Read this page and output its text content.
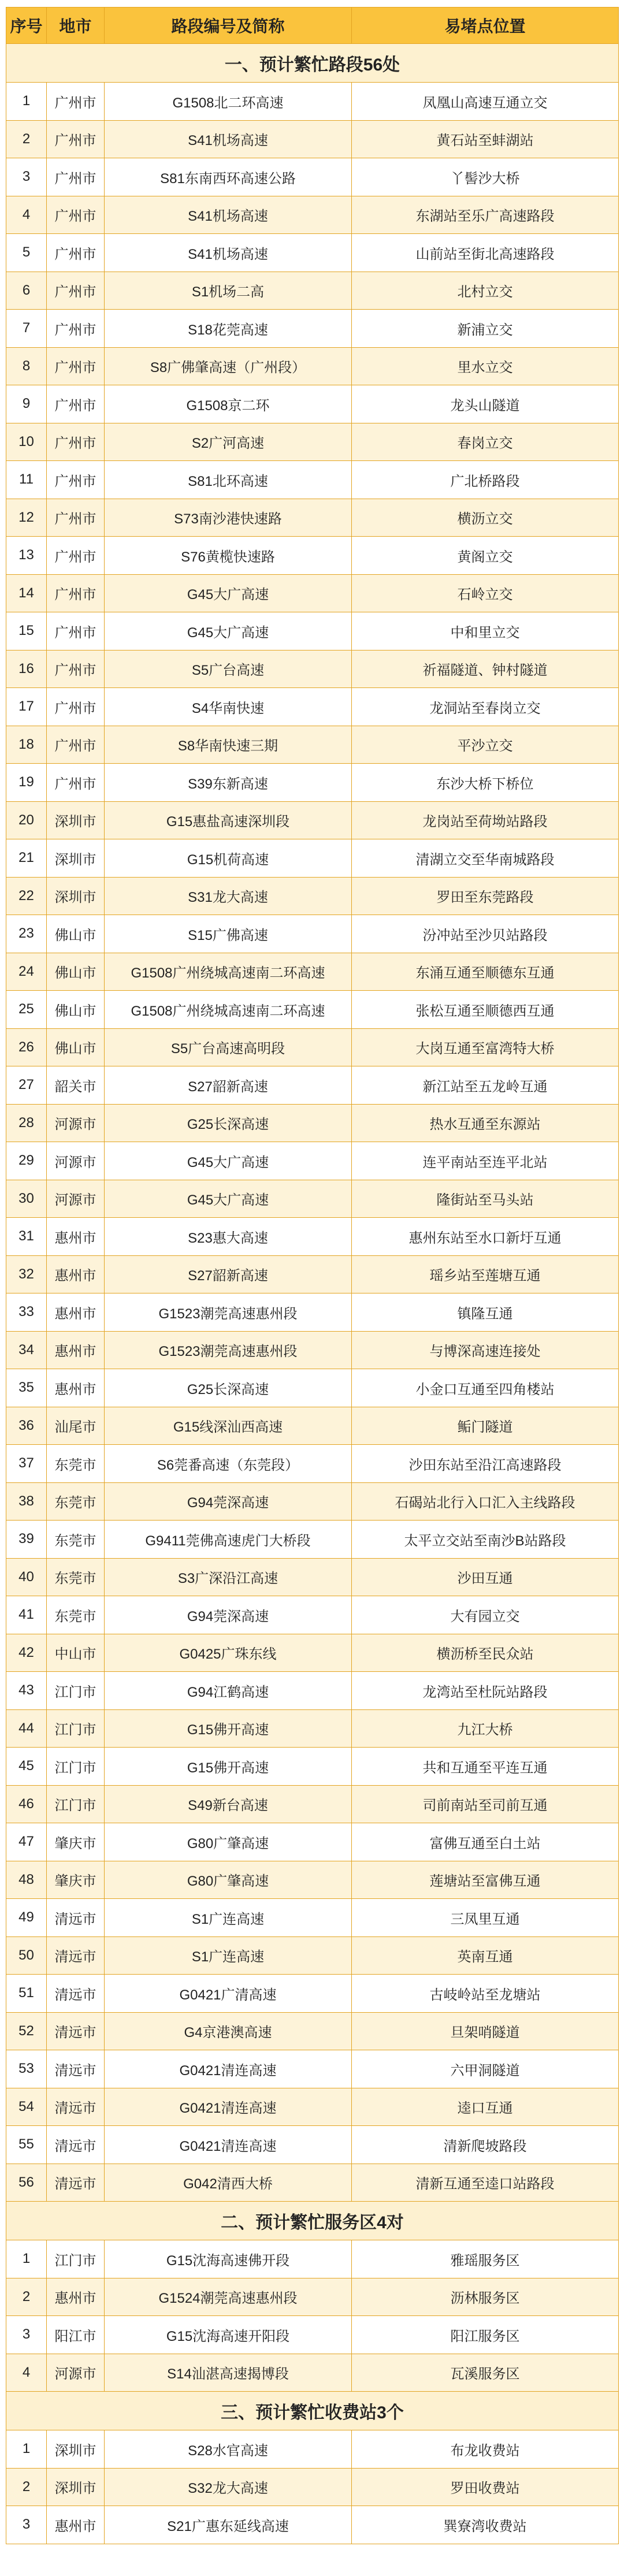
序号	地市	路段编号及简称	易堵点位置
一、预计繁忙路段56处			
1	广州市	G1508北二环高速	凤凰山高速互通立交
2	广州市	S41机场高速	黄石站至蚌湖站
3	广州市	S81东南西环高速公路	丫髻沙大桥
4	广州市	S41机场高速	东湖站至乐广高速路段
5	广州市	S41机场高速	山前站至街北高速路段
6	广州市	S1机场二高	北村立交
7	广州市	S18花莞高速	新浦立交
8	广州市	S8广佛肇高速（广州段）	里水立交
9	广州市	G1508京二环	龙头山隧道
10	广州市	S2广河高速	春岗立交
11	广州市	S81北环高速	广北桥路段
12	广州市	S73南沙港快速路	横沥立交
13	广州市	S76黄榄快速路	黄阁立交
14	广州市	G45大广高速	石岭立交
15	广州市	G45大广高速	中和里立交
16	广州市	S5广台高速	祈福隧道、钟村隧道
17	广州市	S4华南快速	龙洞站至春岗立交
18	广州市	S8华南快速三期	平沙立交
19	广州市	S39东新高速	东沙大桥下桥位
20	深圳市	G15惠盐高速深圳段	龙岗站至荷坳站路段
21	深圳市	G15机荷高速	清湖立交至华南城路段
22	深圳市	S31龙大高速	罗田至东莞路段
23	佛山市	S15广佛高速	汾冲站至沙贝站路段
24	佛山市	G1508广州绕城高速南二环高速	东涌互通至顺德东互通
25	佛山市	G1508广州绕城高速南二环高速	张松互通至顺德西互通
26	佛山市	S5广台高速高明段	大岗互通至富湾特大桥
27	韶关市	S27韶新高速	新江站至五龙岭互通
28	河源市	G25长深高速	热水互通至东源站
29	河源市	G45大广高速	连平南站至连平北站
30	河源市	G45大广高速	隆街站至马头站
31	惠州市	S23惠大高速	惠州东站至水口新圩互通
32	惠州市	S27韶新高速	瑶乡站至莲塘互通
33	惠州市	G1523潮莞高速惠州段	镇隆互通
34	惠州市	G1523潮莞高速惠州段	与博深高速连接处
35	惠州市	G25长深高速	小金口互通至四角楼站
36	汕尾市	G15线深汕西高速	鲘门隧道
37	东莞市	S6莞番高速（东莞段）	沙田东站至沿江高速路段
38	东莞市	G94莞深高速	石碣站北行入口汇入主线路段
39	东莞市	G9411莞佛高速虎门大桥段	太平立交站至南沙B站路段
40	东莞市	S3广深沿江高速	沙田互通
41	东莞市	G94莞深高速	大有园立交
42	中山市	G0425广珠东线	横沥桥至民众站
43	江门市	G94江鹤高速	龙湾站至杜阮站路段
44	江门市	G15佛开高速	九江大桥
45	江门市	G15佛开高速	共和互通至平连互通
46	江门市	S49新台高速	司前南站至司前互通
47	肇庆市	G80广肇高速	富佛互通至白土站
48	肇庆市	G80广肇高速	莲塘站至富佛互通
49	清远市	S1广连高速	三凤里互通
50	清远市	S1广连高速	英南互通
51	清远市	G0421广清高速	古岐岭站至龙塘站
52	清远市	G4京港澳高速	旦架哨隧道
53	清远市	G0421清连高速	六甲洞隧道
54	清远市	G0421清连高速	逵口互通
55	清远市	G0421清连高速	清新爬坡路段
56	清远市	G042清西大桥	清新互通至逵口站路段
二、预计繁忙服务区4对			
1	江门市	G15沈海高速佛开段	雅瑶服务区
2	惠州市	G1524潮莞高速惠州段	沥林服务区
3	阳江市	G15沈海高速开阳段	阳江服务区
4	河源市	S14汕湛高速揭博段	瓦溪服务区
三、预计繁忙收费站3个			
1	深圳市	S28水官高速	布龙收费站
2	深圳市	S32龙大高速	罗田收费站
3	惠州市	S21广惠东延线高速	巽寮湾收费站
